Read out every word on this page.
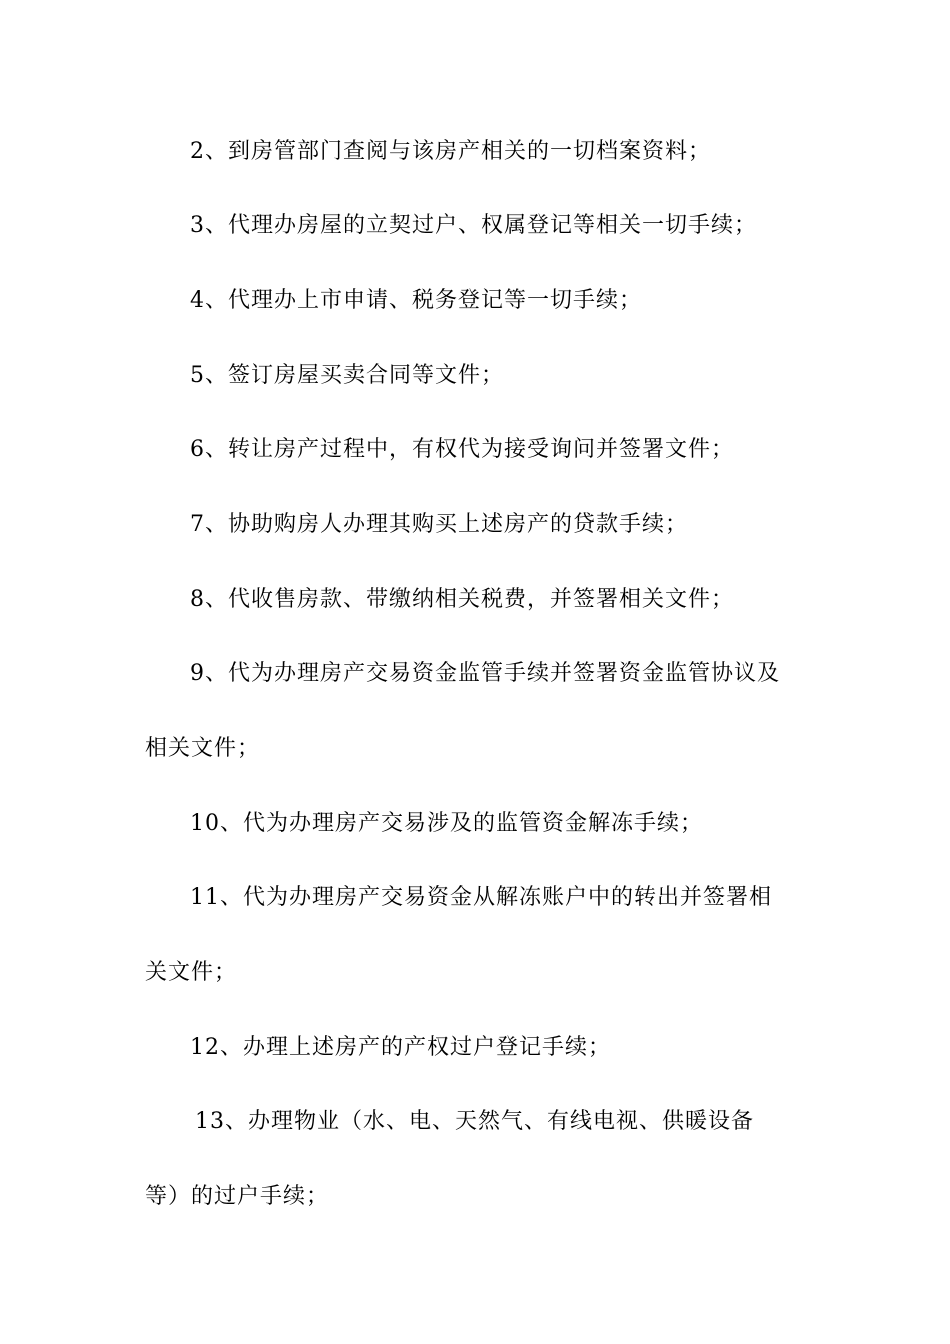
2、到房管部门查阅与该房产相关的一切档案资料；
3、代理办房屋的立契过户、权属登记等相关一切手续；
4、代理办上市申请、税务登记等一切手续；
5、签订房屋买卖合同等文件；
6、转让房产过程中，有权代为接受询问并签署文件；
7、协助购房人办理其购买上述房产的贷款手续；
8、代收售房款、带缴纳相关税费，并签署相关文件；
9、代为办理房产交易资金监管手续并签署资金监管协议及
相关文件；
10、代为办理房产交易涉及的监管资金解冻手续；
11、代为办理房产交易资金从解冻账户中的转出并签署相
关文件；
12、办理上述房产的产权过户登记手续；
13、办理物业（水、电、天然气、有线电视、供暖设备
等）的过户手续；
